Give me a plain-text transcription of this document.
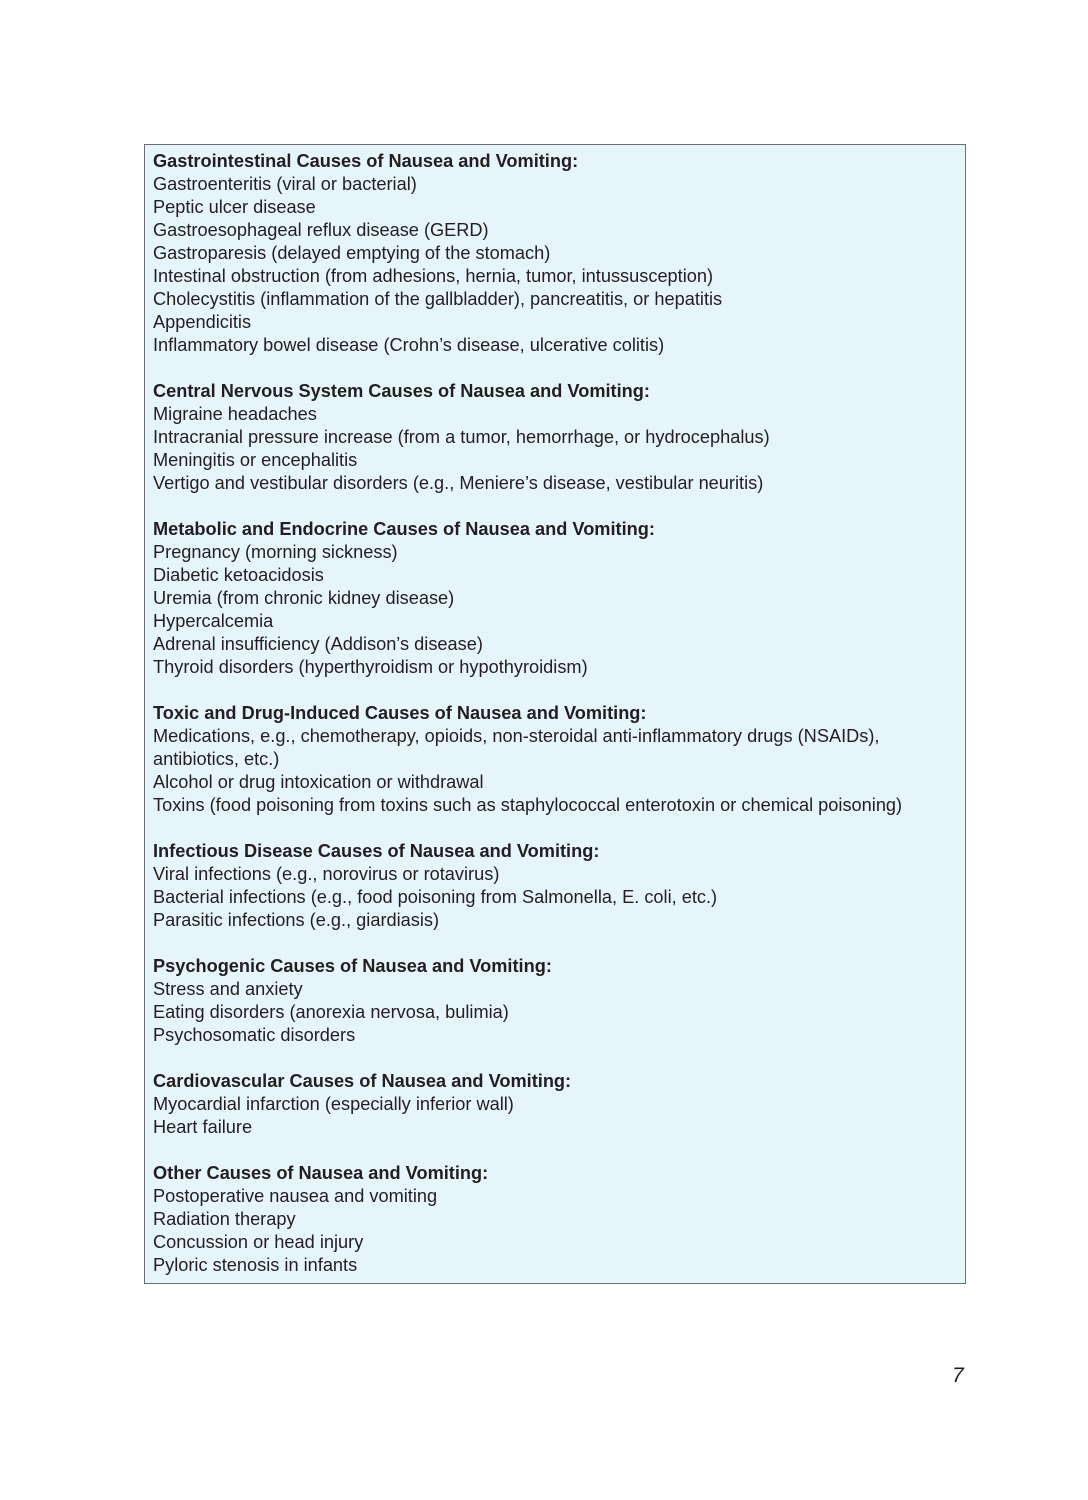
Gastrointestinal Causes of Nausea and Vomiting:
Gastroenteritis (viral or bacterial)
Peptic ulcer disease
Gastroesophageal reflux disease (GERD)
Gastroparesis (delayed emptying of the stomach)
Intestinal obstruction (from adhesions, hernia, tumor, intussusception)
Cholecystitis (inflammation of the gallbladder), pancreatitis, or hepatitis
Appendicitis
Inflammatory bowel disease (Crohn’s disease, ulcerative colitis)
Central Nervous System Causes of Nausea and Vomiting:
Migraine headaches
Intracranial pressure increase (from a tumor, hemorrhage, or hydrocephalus)
Meningitis or encephalitis
Vertigo and vestibular disorders (e.g., Meniere’s disease, vestibular neuritis)
Metabolic and Endocrine Causes of Nausea and Vomiting:
Pregnancy (morning sickness)
Diabetic ketoacidosis
Uremia (from chronic kidney disease)
Hypercalcemia
Adrenal insufficiency (Addison’s disease)
Thyroid disorders (hyperthyroidism or hypothyroidism)
Toxic and Drug-Induced Causes of Nausea and Vomiting:
Medications, e.g., chemotherapy, opioids, non-steroidal anti-inflammatory drugs (NSAIDs), antibiotics, etc.)
Alcohol or drug intoxication or withdrawal
Toxins (food poisoning from toxins such as staphylococcal enterotoxin or chemical poisoning)
Infectious Disease Causes of Nausea and Vomiting:
Viral infections (e.g., norovirus or rotavirus)
Bacterial infections (e.g., food poisoning from Salmonella, E. coli, etc.)
Parasitic infections (e.g., giardiasis)
Psychogenic Causes of Nausea and Vomiting:
Stress and anxiety
Eating disorders (anorexia nervosa, bulimia)
Psychosomatic disorders
Cardiovascular Causes of Nausea and Vomiting:
Myocardial infarction (especially inferior wall)
Heart failure
Other Causes of Nausea and Vomiting:
Postoperative nausea and vomiting
Radiation therapy
Concussion or head injury
Pyloric stenosis in infants
7
